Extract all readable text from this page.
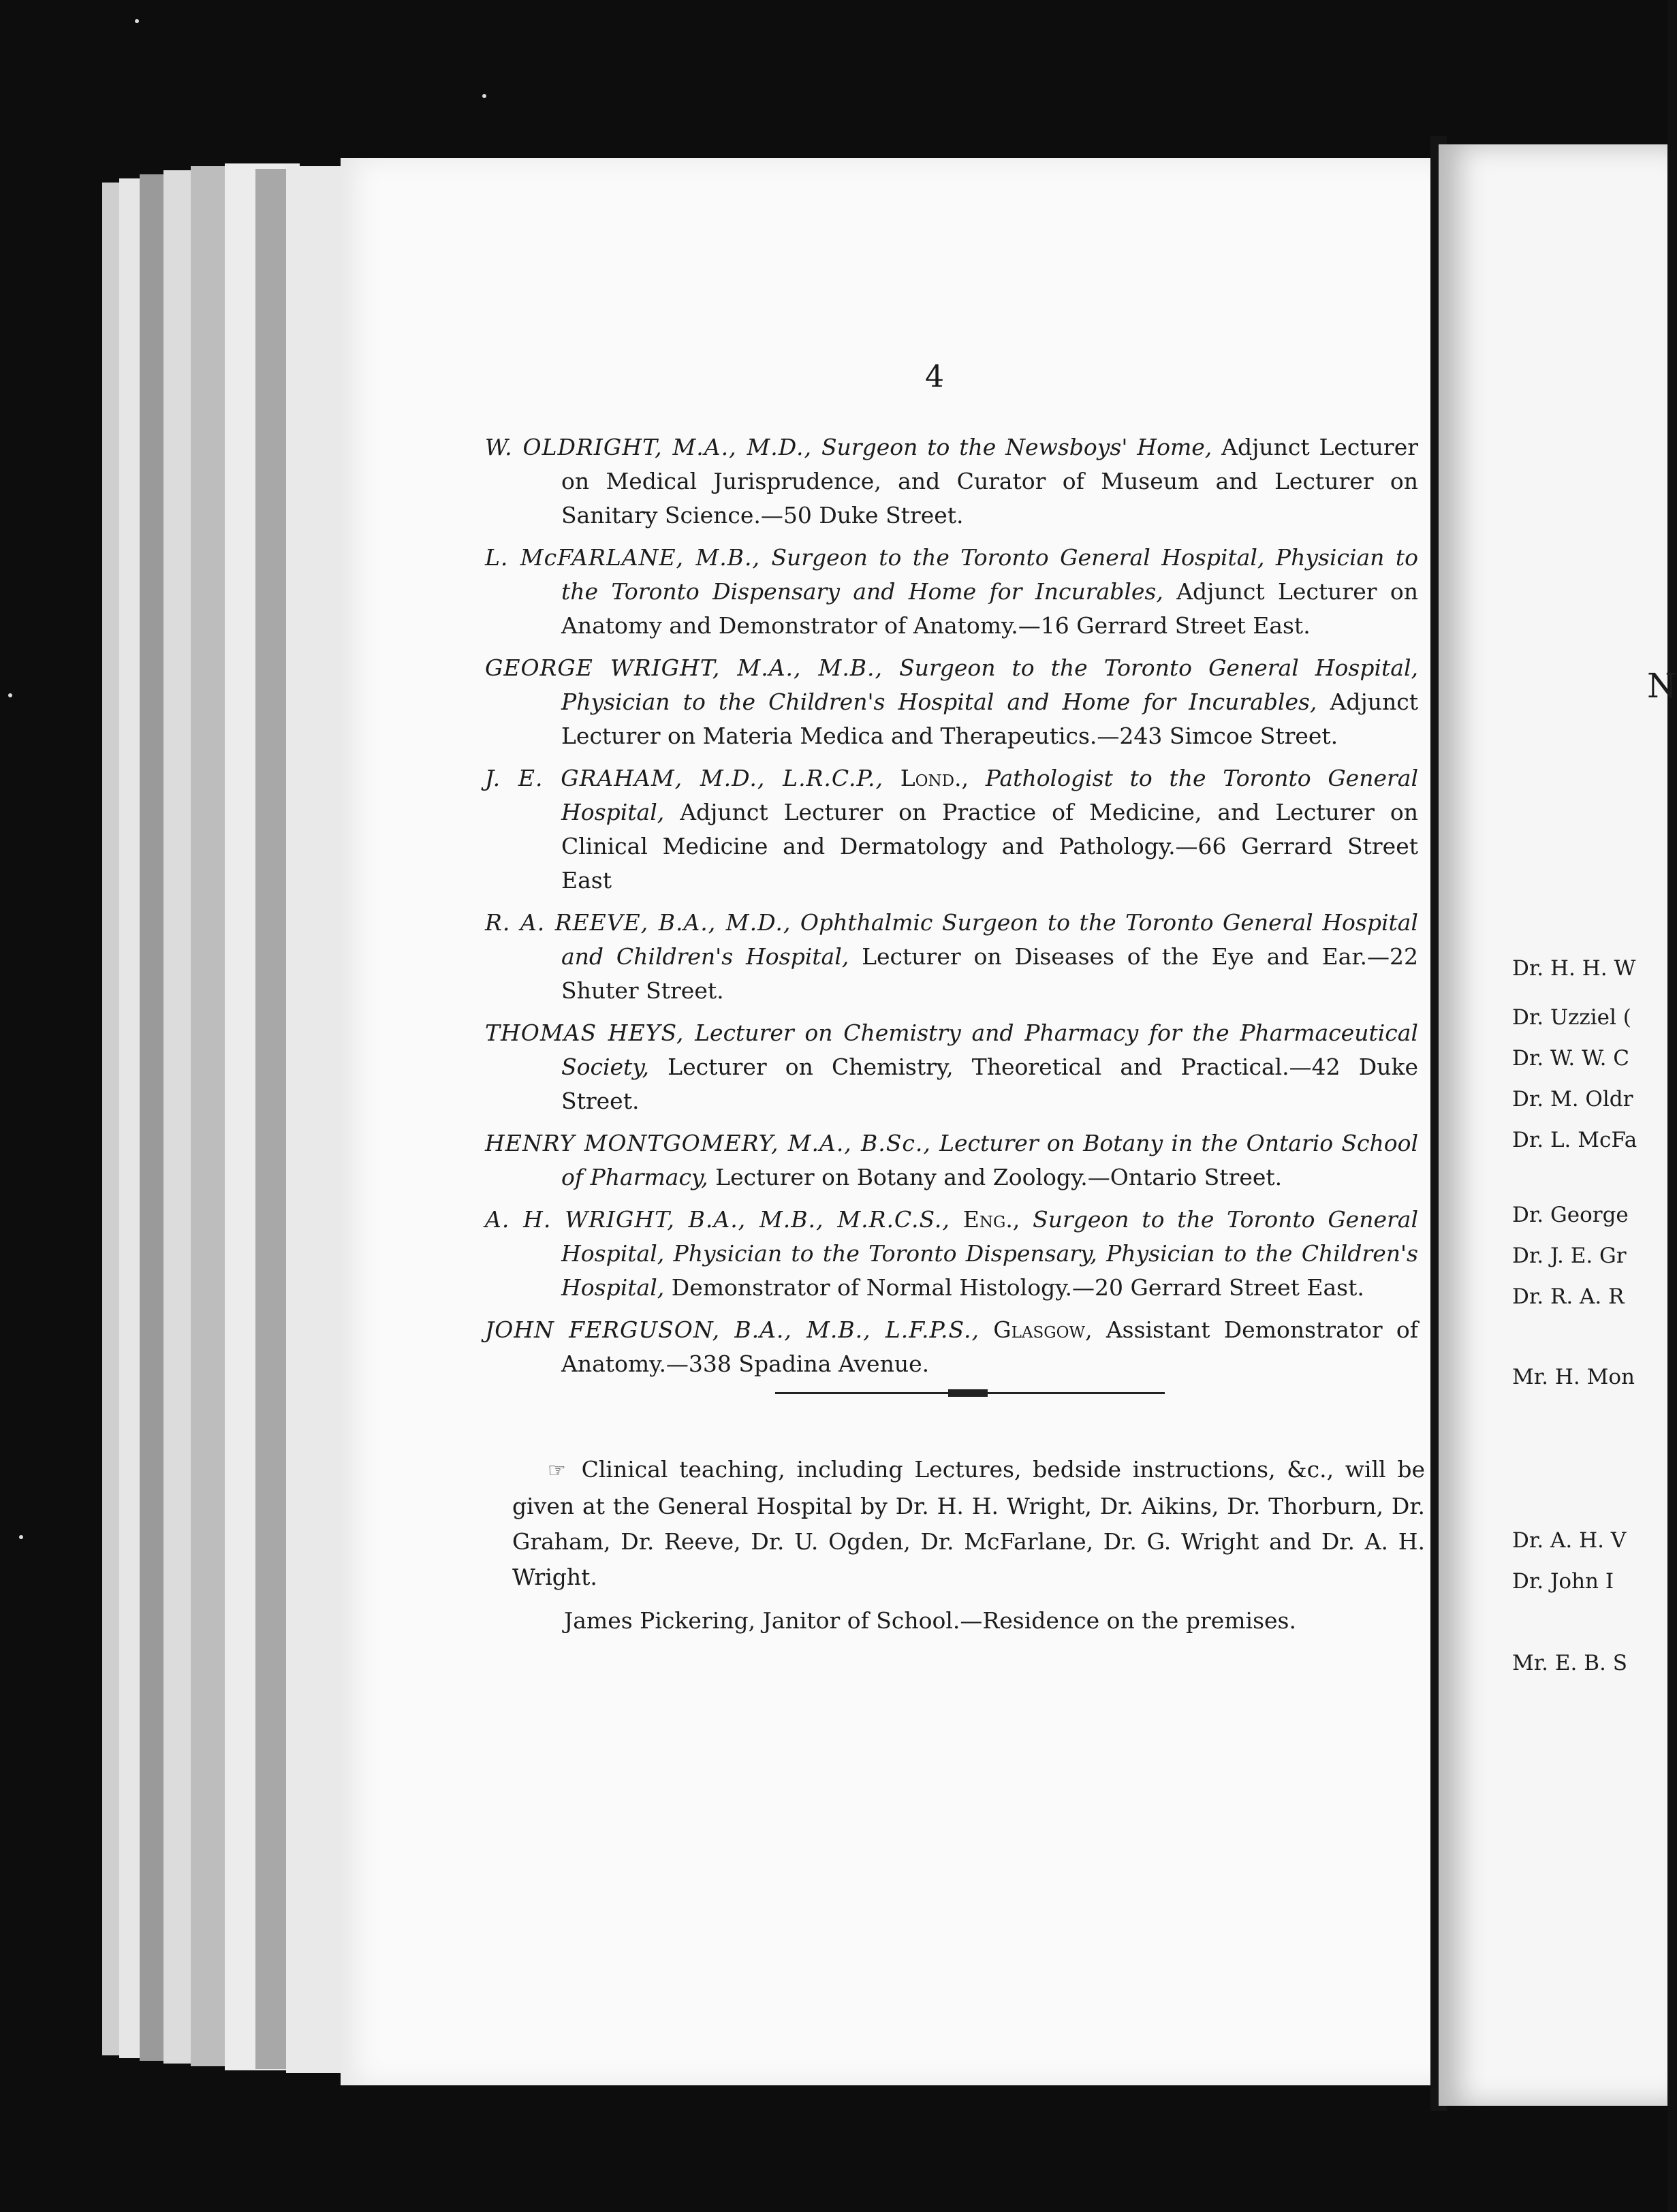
4
W. OLDRIGHT, M.A., M.D., Surgeon to the Newsboys' Home, Adjunct Lecturer on Medical Jurisprudence, and Curator of Museum and Lecturer on Sanitary Science.—50 Duke Street.
L. McFARLANE, M.B., Surgeon to the Toronto General Hospital, Physician to the Toronto Dispensary and Home for Incurables, Adjunct Lecturer on Anatomy and Demonstrator of Anatomy.—16 Gerrard Street East.
GEORGE WRIGHT, M.A., M.B., Surgeon to the Toronto General Hospital, Physician to the Children's Hospital and Home for Incurables, Adjunct Lecturer on Materia Medica and Therapeutics.—243 Simcoe Street.
J. E. GRAHAM, M.D., L.R.C.P., Lond., Pathologist to the Toronto General Hospital, Adjunct Lecturer on Practice of Medicine, and Lecturer on Clinical Medicine and Dermatology and Pathology.—66 Gerrard Street East
R. A. REEVE, B.A., M.D., Ophthalmic Surgeon to the Toronto General Hospital and Children's Hospital, Lecturer on Diseases of the Eye and Ear.—22 Shuter Street.
THOMAS HEYS, Lecturer on Chemistry and Pharmacy for the Pharmaceutical Society, Lecturer on Chemistry, Theoretical and Practical.—42 Duke Street.
HENRY MONTGOMERY, M.A., B.Sc., Lecturer on Botany in the Ontario School of Pharmacy, Lecturer on Botany and Zoology.—Ontario Street.
A. H. WRIGHT, B.A., M.B., M.R.C.S., Eng., Surgeon to the Toronto General Hospital, Physician to the Toronto Dispensary, Physician to the Children's Hospital, Demonstrator of Normal Histology.—20 Gerrard Street East.
JOHN FERGUSON, B.A., M.B., L.F.P.S., Glasgow, Assistant Demonstrator of Anatomy.—338 Spadina Avenue.
☞ Clinical teaching, including Lectures, bedside instructions, &c., will be given at the General Hospital by Dr. H. H. Wright, Dr. Aikins, Dr. Thorburn, Dr. Graham, Dr. Reeve, Dr. U. Ogden, Dr. McFarlane, Dr. G. Wright and Dr. A. H. Wright.
James Pickering, Janitor of School.—Residence on the premises.
N
Dr. H. H. W
Dr. Uzziel (
Dr. W. W. C
Dr. M. Oldr
Dr. L. McFa
Dr. George
Dr. J. E. Gr
Dr. R. A. R
Mr. H. Mon
Dr. A. H. V
Dr. John I
Mr. E. B. S
